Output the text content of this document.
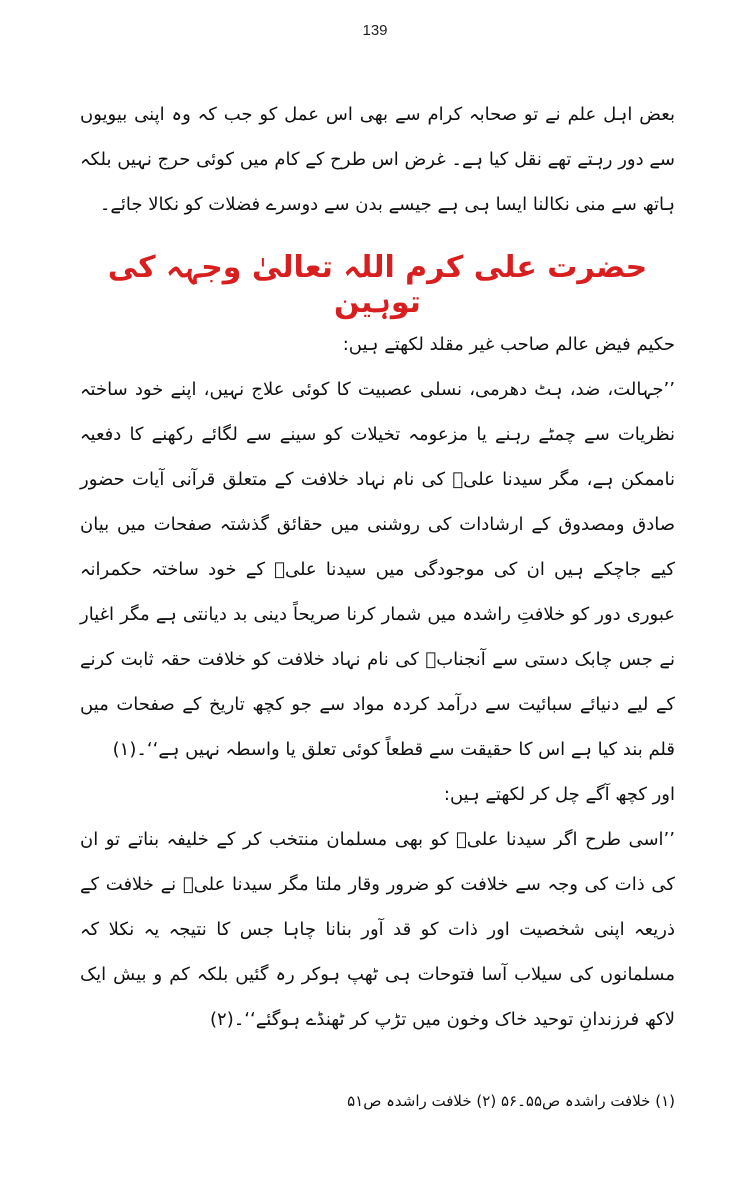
139

بعض اہل علم نے تو صحابہ کرام سے بھی اس عمل کو جب کہ وہ اپنی بیویوں سے دور رہتے تھے نقل کیا ہے۔ غرض اس طرح کے کام میں کوئی حرج نہیں بلکہ ہاتھ سے منی نکالنا ایسا ہی ہے جیسے بدن سے دوسرے فضلات کو نکالا جائے۔

حضرت علی کرم اللہ تعالیٰ وجہہ کی توہین

حکیم فیض عالم صاحب غیر مقلد لکھتے ہیں:

’’جہالت، ضد، ہٹ دھرمی، نسلی عصبیت کا کوئی علاج نہیں، اپنے خود ساختہ نظریات سے چمٹے رہنے یا مزعومہ تخیلات کو سینے سے لگائے رکھنے کا دفعیہ ناممکن ہے، مگر سیدنا علیؓ کی نام نہاد خلافت کے متعلق قرآنی آیات حضور صادق ومصدوق کے ارشادات کی روشنی میں حقائق گذشتہ صفحات میں بیان کیے جاچکے ہیں ان کی موجودگی میں سیدنا علیؓ کے خود ساختہ حکمرانہ عبوری دور کو خلافتِ راشدہ میں شمار کرنا صریحاً دینی بد دیانتی ہے مگر اغیار نے جس چابک دستی سے آنجنابؓ کی نام نہاد خلافت کو خلافت حقہ ثابت کرنے کے لیے دنیائے سبائیت سے درآمد کردہ مواد سے جو کچھ تاریخ کے صفحات میں قلم بند کیا ہے اس کا حقیقت سے قطعاً کوئی تعلق یا واسطہ نہیں ہے‘‘۔(۱)

اور کچھ آگے چل کر لکھتے ہیں:

’’اسی طرح اگر سیدنا علیؓ کو بھی مسلمان منتخب کر کے خلیفہ بناتے تو ان کی ذات کی وجہ سے خلافت کو ضرور وقار ملتا مگر سیدنا علیؓ نے خلافت کے ذریعہ اپنی شخصیت اور ذات کو قد آور بنانا چاہا جس کا نتیجہ یہ نکلا کہ مسلمانوں کی سیلاب آسا فتوحات ہی ٹھپ ہوکر رہ گئیں بلکہ کم و بیش ایک لاکھ فرزندانِ توحید خاک وخون میں تڑپ کر ٹھنڈے ہوگئے‘‘۔(۲)

(۱) خلافت راشدہ ص۵۵۔۵۶ (۲) خلافت راشدہ ص۵۱
